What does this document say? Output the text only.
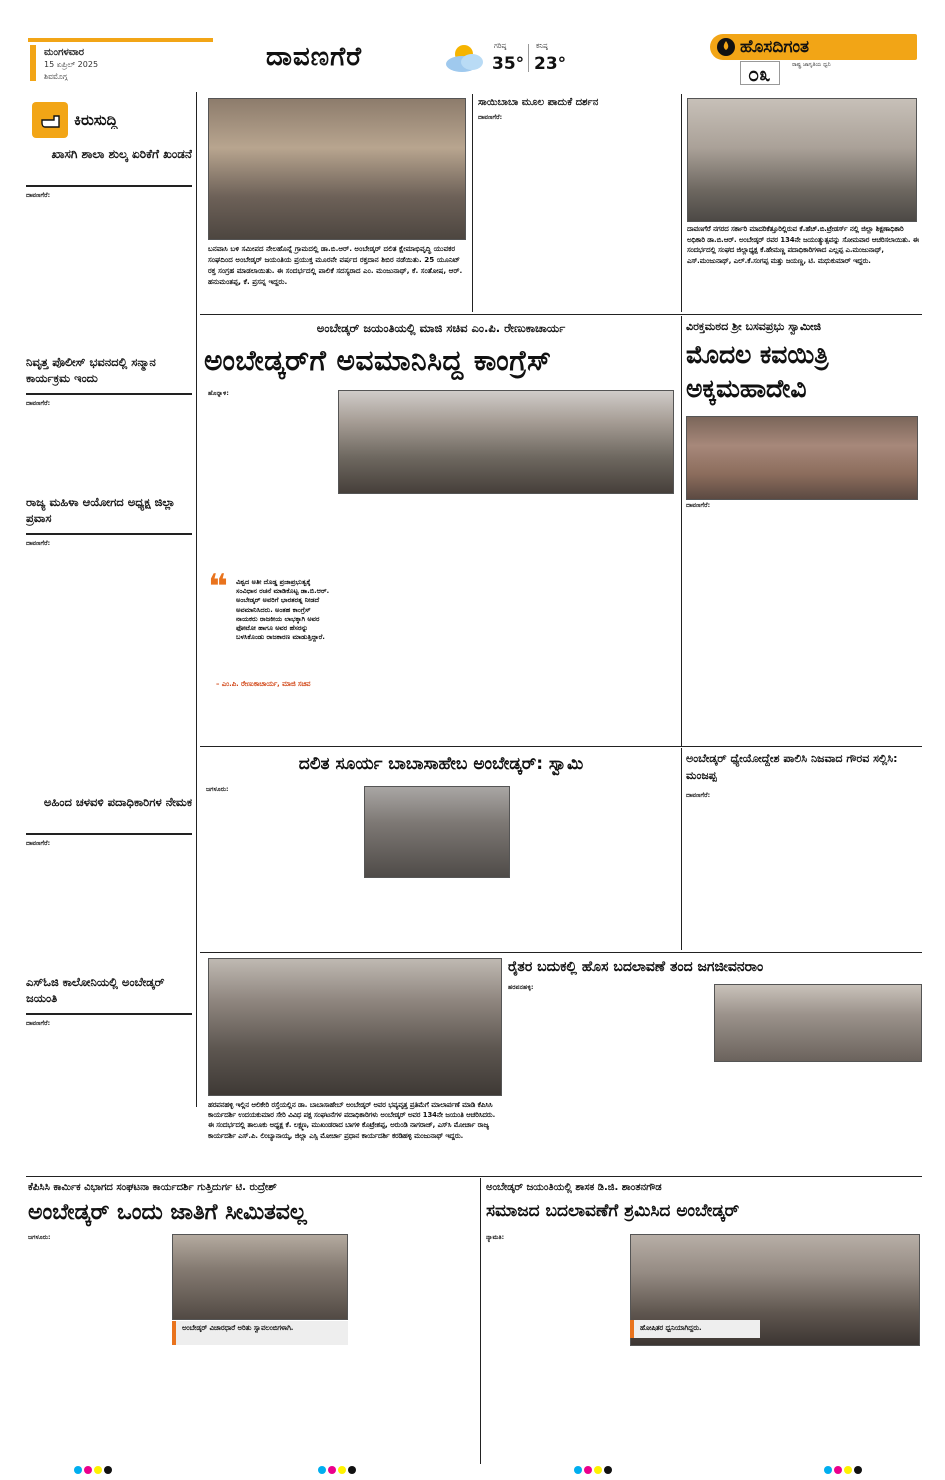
ಮಂಗಳವಾರ
15 ಏಪ್ರಿಲ್ 2025
ಶಿವಮೊಗ್ಗ
ದಾವಣಗೆರೆ	ಗರಿಷ್ಠ
35°
ಕನಿಷ್ಠ
23°
ಹೊಸದಿಗಂತ
೦೩	ರಾಷ್ಟ್ರ ಜಾಗೃತಿಯ ಧ್ವನಿ
ಕಿರುಸುದ್ದಿ
ಖಾಸಗಿ ಶಾಲಾ ಶುಲ್ಕ ಏರಿಕೆಗೆ ಖಂಡನೆ
ದಾವಣಗೆರೆ:
ನಿವೃತ್ತ ಪೊಲೀಸ್ ಭವನದಲ್ಲಿ ಸನ್ಮಾನ ಕಾರ್ಯಕ್ರಮ ಇಂದು
ದಾವಣಗೆರೆ:
ರಾಜ್ಯ ಮಹಿಳಾ ಆಯೋಗದ ಅಧ್ಯಕ್ಷ ಜಿಲ್ಲಾ ಪ್ರವಾಸ
ದಾವಣಗೆರೆ:
ಅಹಿಂದ ಚಳವಳಿ ಪದಾಧಿಕಾರಿಗಳ ನೇಮಕ
ದಾವಣಗೆರೆ:
ಎಸ್‌ಓಜಿ ಕಾಲೋನಿಯಲ್ಲಿ ಅಂಬೇಡ್ಕರ್ ಜಯಂತಿ
ದಾವಣಗೆರೆ:
ಬನವಾಸಿ ಬಳಿ ಸಮೀಪದ ನೇಲಹೊನ್ನೆ ಗ್ರಾಮದಲ್ಲಿ ಡಾ.ಬಿ.ಆರ್. ಅಂಬೇಡ್ಕರ್ ದಲಿತ ಕ್ಷೇಮಾಭಿವೃದ್ಧಿ ಯುವಕರ ಸಂಘದಿಂದ ಅಂಬೇಡ್ಕರ್ ಜಯಂತಿಯ ಪ್ರಯುಕ್ತ ಮೂರನೇ ವರ್ಷದ ರಕ್ತದಾನ ಶಿಬಿರ ನಡೆಯಿತು. 25 ಯೂನಿಟ್ ರಕ್ತ ಸಂಗ್ರಹ ಮಾಡಲಾಯಿತು. ಈ ಸಂದರ್ಭದಲ್ಲಿ ಪಾಲಿಕೆ ಸದಸ್ಯರಾದ ಎಂ. ಮಂಜುನಾಥ್, ಕೆ. ಸಂತೋಷ, ಆರ್. ಹನುಮಂತಪ್ಪ, ಕೆ. ಪ್ರಸನ್ನ ಇದ್ದರು.
ಸಾಯಿಬಾಬಾ ಮೂಲ ಪಾದುಕೆ ದರ್ಶನ
ದಾವಣಗೆರೆ:
ದಾವಣಗೆರೆ ನಗರದ ಸರ್ಕಾರಿ ಮಾದರಿಕೆತ್ತೂರಿಲ್ಲಿರುವ ಕೆ.ಹೆಚ್.ಬಿ.ಟ್ರೇಡರ್ಸ್ ನಲ್ಲಿ ಜಿಲ್ಲಾ ಶಿಕ್ಷಣಾಧಿಕಾರಿ ಅಧಿಕಾರಿ ಡಾ.ಬಿ.ಆರ್. ಅಂಬೇಡ್ಕರ್ ರವರ 134ನೇ ಜಯಂತ್ಯುತ್ಸವನ್ನು ಸೋಮವಾರ ಆಚರಿಸಲಾಯಿತು. ಈ ಸಂದರ್ಭದಲ್ಲಿ ಸಂಘದ ಜಿಲ್ಲಾಧ್ಯಕ್ಷ ಕೆ.ಹೇಮಣ್ಣ ಪದಾಧಿಕಾರಿಗಳಾದ ಎಲ್ಲಪ್ಪ ಎ.ಮಂಜುನಾಥ್, ಎಸ್.ಮಂಜುನಾಥ್, ಎಲ್.ಕೆ.ಸಂಗಪ್ಪ ಮತ್ತು ಜಯಣ್ಣ, ಟಿ. ಮಧುಕುಮಾರ್ ಇದ್ದರು.
ಅಂಬೇಡ್ಕರ್ ಜಯಂತಿಯಲ್ಲಿ ಮಾಜಿ ಸಚಿವ ಎಂ.ಪಿ. ರೇಣುಕಾಚಾರ್ಯ
ಅಂಬೇಡ್ಕರ್‌ಗೆ ಅವಮಾನಿಸಿದ್ದ ಕಾಂಗ್ರೆಸ್
ಹೊನ್ನಾಳಿ:
❝ ವಿಶ್ವದ ಅತೀ ದೊಡ್ಡ ಪ್ರಜಾಪ್ರಭುತ್ವಕ್ಕೆ ಸಂವಿಧಾನ ರಚನೆ ಮಾಡಿಕೊಟ್ಟ ಡಾ.ಬಿ.ಆರ್. ಅಂಬೇಡ್ಕರ್ ಅವರಿಗೆ ಭಾರತರತ್ನ ನೀಡದೆ ಅವಮಾನಿಸಿದರು. ಅಂತಹ ಕಾಂಗ್ರೆಸ್ ನಾಯಕರು ರಾಜಕೀಯ ಲಾಭಕ್ಕಾಗಿ ಅವರ ಫೋಟೋ ಹಾಗೂ ಅವರ ಹೆಸರನ್ನು ಬಳಸಿಕೊಂಡು ರಾಜಕಾರಣ ಮಾಡುತ್ತಿದ್ದಾರೆ.
– ಎಂ.ಪಿ. ರೇಣುಕಾಚಾರ್ಯ, ಮಾಜಿ ಸಚಿವ
ವಿರಕ್ತಮಠದ ಶ್ರೀ ಬಸವಪ್ರಭು ಸ್ವಾಮೀಜಿ
ಮೊದಲ ಕವಯಿತ್ರಿ ಅಕ್ಕಮಹಾದೇವಿ
ದಾವಣಗೆರೆ:
ದಲಿತ ಸೂರ್ಯ ಬಾಬಾಸಾಹೇಬ ಅಂಬೇಡ್ಕರ್: ಸ್ವಾಮಿ
ಜಗಳೂರು:
ಅಂಬೇಡ್ಕರ್ ಧ್ಯೇಯೋದ್ದೇಶ ಪಾಲಿಸಿ ನಿಜವಾದ ಗೌರವ ಸಲ್ಲಿಸಿ: ಮಂಜಪ್ಪ
ದಾವಣಗೆರೆ:
ಹರಪನಹಳ್ಳಿ ಇಲ್ಲಿನ ಆಲಿಕೇರಿ ರಸ್ತೆಯಲ್ಲಿನ ಡಾ. ಬಾಬಾಸಾಹೇಬ್ ಅಂಬೇಡ್ಕರ್ ಅವರ ಭವ್ಯವೃತ್ತ ಪ್ರತಿಮೆಗೆ ಮಾಲಾರ್ಪಣೆ ಮಾಡಿ ಕೆಪಿಸಿಸಿ ಕಾರ್ಯದರ್ಶಿ ಉದಯಕುಮಾರ ಸೇರಿ ವಿವಿಧ ಪಕ್ಷ ಸಂಘಟನೆಗಳ ಪದಾಧಿಕಾರಿಗಳು ಅಂಬೇಡ್ಕರ್ ಅವರ 134ನೇ ಜಯಂತಿ ಆಚರಿಸಿದರು. ಈ ಸಂದರ್ಭದಲ್ಲಿ ತಾಲೂಕು ಅಧ್ಯಕ್ಷ ಕೆ. ಲಕ್ಷ್ಮಣ, ಮುಖಂಡರಾದ ಬಾಗಳಿ ಕೊಟ್ರೇಶಪ್ಪ, ಅರುಂಡಿ ನಾಗರಾಜ್, ಎಸ್‌ಸಿ ಮೋರ್ಚಾ ರಾಜ್ಯ ಕಾರ್ಯದರ್ಶಿ ಎಸ್.ಪಿ. ಲಿಂಬ್ಯಾನಾಯ್ಕ, ಜಿಲ್ಲಾ ಎಸ್ಸಿ ಮೋರ್ಚಾ ಪ್ರಧಾನ ಕಾರ್ಯದರ್ಶಿ ಕರಡಿಹಳ್ಳಿ ಮಂಜುನಾಥ್ ಇದ್ದರು.
ರೈತರ ಬದುಕಲ್ಲಿ ಹೊಸ ಬದಲಾವಣೆ ತಂದ ಜಗಜೀವನರಾಂ
ಹರಪನಹಳ್ಳಿ:
ಕೆಪಿಸಿಸಿ ಕಾರ್ಮಿಕ ವಿಭಾಗದ ಸಂಘಟನಾ ಕಾರ್ಯದರ್ಶಿ ಗುತ್ತಿದುರ್ಗ ಟಿ. ರುದ್ರೇಶ್
ಅಂಬೇಡ್ಕರ್ ಒಂದು ಜಾತಿಗೆ ಸೀಮಿತವಲ್ಲ
ಜಗಳೂರು:
ಅಂಬೇಡ್ಕರ್ ವಿಚಾರಧಾರೆ ಅರಿತು ಸ್ವಾವಲಂಬಿಗಳಾಗಿ.
ಅಂಬೇಡ್ಕರ್ ಜಯಂತಿಯಲ್ಲಿ ಶಾಸಕ ಡಿ.ಜಿ. ಶಾಂತನಗೌಡ
ಸಮಾಜದ ಬದಲಾವಣೆಗೆ ಶ್ರಮಿಸಿದ ಅಂಬೇಡ್ಕರ್
ನ್ಯಾಮತಿ:
ಹೋಷಿತರ ಧ್ವನಿಯಾಗಿದ್ದರು.
